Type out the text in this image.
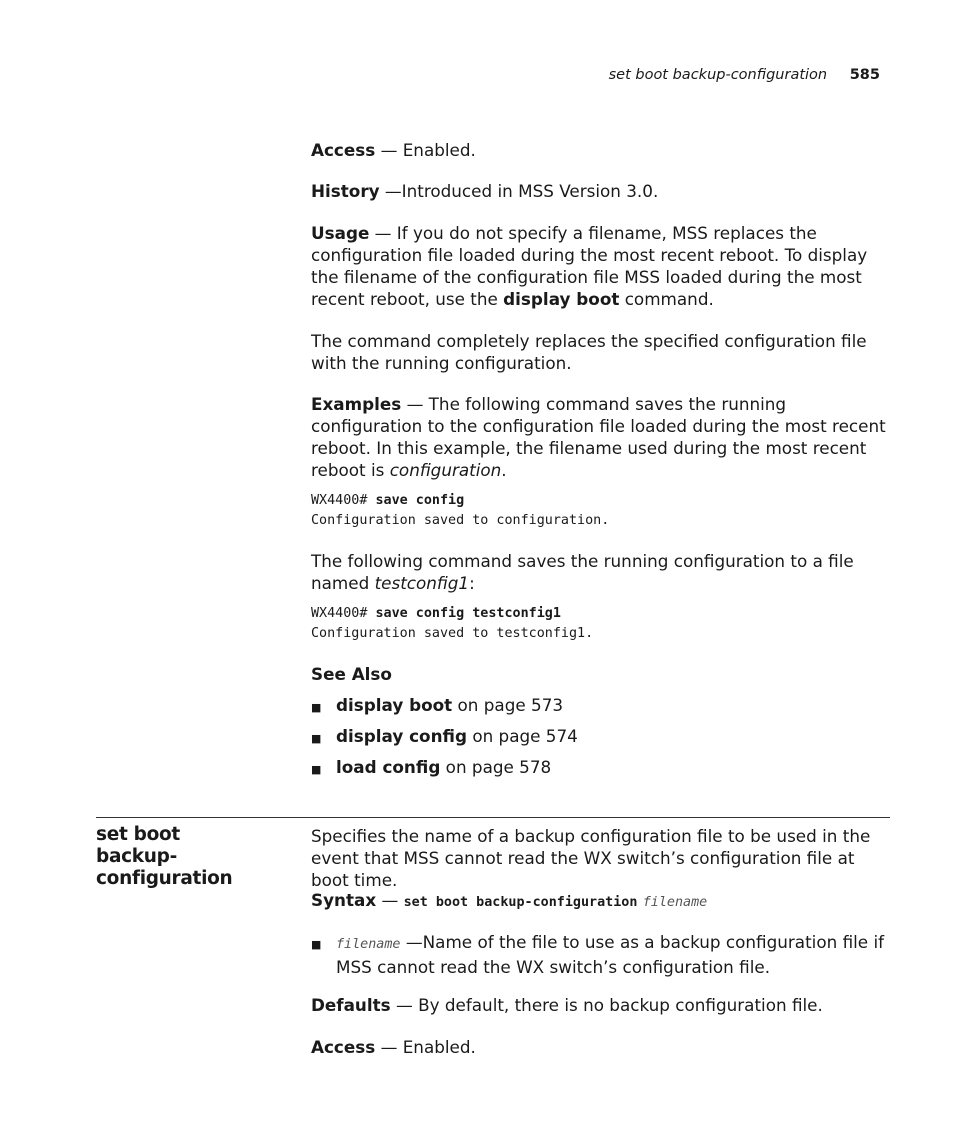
set boot backup-configuration 585

Access — Enabled.

History —Introduced in MSS Version 3.0.

Usage — If you do not specify a filename, MSS replaces the configuration file loaded during the most recent reboot. To display the filename of the configuration file MSS loaded during the most recent reboot, use the display boot command.

The command completely replaces the specified configuration file with the running configuration.

Examples — The following command saves the running configuration to the configuration file loaded during the most recent reboot. In this example, the filename used during the most recent reboot is configuration.

WX4400# save config
Configuration saved to configuration.

The following command saves the running configuration to a file named testconfig1:

WX4400# save config testconfig1
Configuration saved to testconfig1.

See Also

■ display boot on page 573
■ display config on page 574
■ load config on page 578
set boot
backup-configuration

Specifies the name of a backup configuration file to be used in the event that MSS cannot read the WX switch’s configuration file at boot time.

Syntax — set boot backup-configuration filename

■ filename —Name of the file to use as a backup configuration file if MSS cannot read the WX switch’s configuration file.

Defaults — By default, there is no backup configuration file.

Access — Enabled.
